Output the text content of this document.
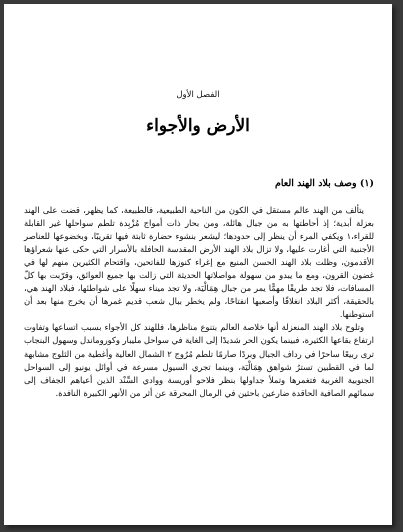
الفصل الأول
الأرض والأجواء
(١) وصف بلاد الهند العام

يتألف من الهند عالم مستقل في الكون من الناحية الطبيعية، فالطبيعة، كما يظهر، قضت على الهند بعزلة أبدية؛ إذ أحاطتها به من جبال هائلة، ومن بحار ذات أمواج مُزْبِدة تلطم سواحلها غير القابلة للقراء،١ ويكفي المرء أن ينظر إلى حدودها؛ ليشعر بنشوء حضارة ثابتة فيها تقريبًا، وبخضوعها للعناصر الأجنبية التي أغارت عليها، ولا تزال بلاد الهند الأرض المقدسة الحافلة بالأسرار التي حكى عنها شعراؤها الأقدمون، وظلت بلاد الهند الحسن المنيع مع إغراء كنوزها للفاتحين، واقتحام الكثيرين منهم لها في غضون القرون، ومع ما يبدو من سهولة مواصلاتها الحديثة التي زالت بها جميع العوائق، وقرّبت بها كلّ المسافات، فلا تجد طريقًا مهمًّا يمر من جبال هِمَالْيَة، ولا تجد ميناء سهلًا على شواطئها، فبلاد الهند هي، بالحقيقة، أكثر البلاد انغلاقًا وأصعبها انفتاحًا، ولم يخطر ببال شعب قديم غمرها أن يخرج منها بعد أن استوطنها.

وتلوح بلاد الهند المنعزلة أنها خلاصة العالم بتنوع مناظرها، فللهند كل الأجواء بسبب اتساعها وتفاوت ارتفاع بقاعها الكثيرة، فبينما يكون الحر شديدًا إلى الغاية في سواحل مليبار وكوروماندل وسهول البنجاب ترى ربيعًا ساحرًا في رداف الجبال وبردًا صارمًا تلطم مُرُوج ٢ الشمال العالية وأغطية من الثلوج مشابهة لما في القطبين تسترُ شواهق هِمَالْيَة، وبينما تجري السيول مسرعة في أوائل يونيو إلى السواحل الجنوبية الغربية فتغمرها وتملأ جداولها بنظر فلاحو أوريسة ووادي السِّنْد الذين أعياهم الجفاف إلى سمائهم الصافية الحاقدة ضارعين باحثين في الرمال المحرقة عن أثر من الأنهر الكبيرة النافدة.
